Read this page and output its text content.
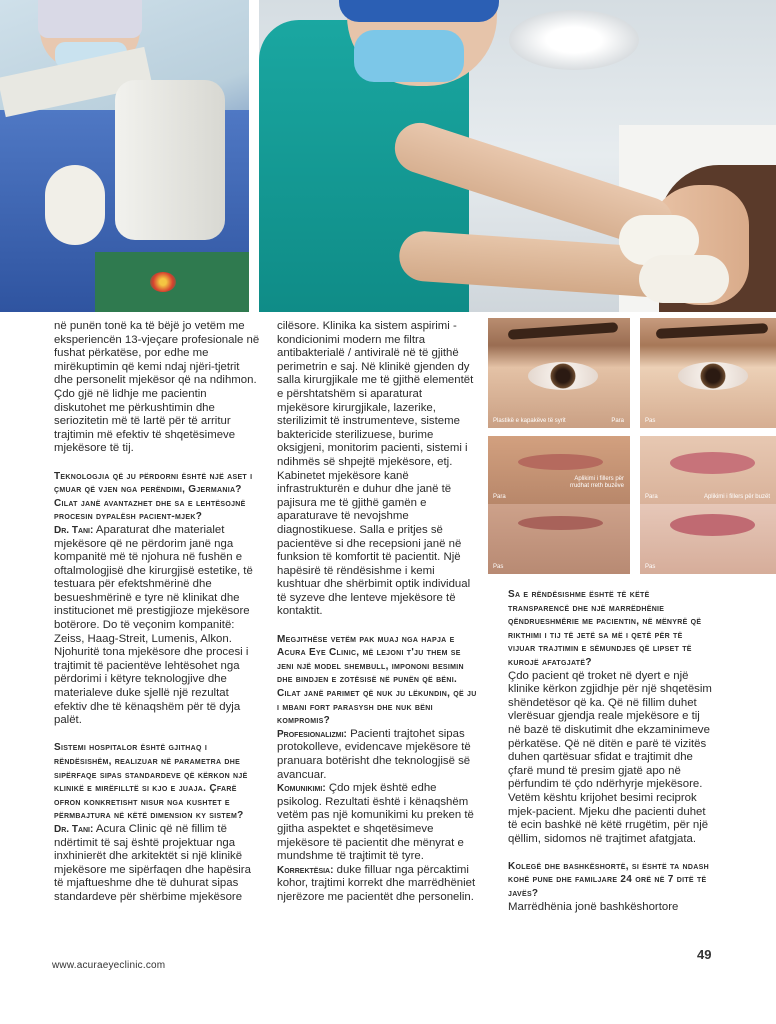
Plastikë e kapakëve të syrit	Para	Pas
Para
Aplikimi i fillers për rrudhat rreth buzëve
Para	Aplikimi i fillers për buzët
Pas	Pas

në punën tonë ka të bëjë jo vetëm me eksperiencën 13-vjeçare profesionale në fushat përkatëse, por edhe me mirëkuptimin që kemi ndaj njëri-tjetrit dhe personelit mjekësor që na ndihmon. Çdo gjë në lidhje me pacientin diskutohet me përkushtimin dhe seriozitetin më të lartë për të arritur trajtimin më efektiv të shqetësimeve mjekësore të tij.

Teknologjia që ju përdorni është një aset i çmuar që vjen nga perëndimi, Gjermania? Cilat janë avantazhet dhe sa e lehtësojnë procesin dypalësh pacient-mjek?

Dr. Tani: Aparaturat dhe materialet mjekësore që ne përdorim janë nga kompanitë më të njohura në fushën e oftalmologjisë dhe kirurgjisë estetike, të testuara për efektshmërinë dhe besueshmërinë e tyre në klinikat dhe institucionet më prestigjioze mjekësore botërore. Do të veçonim kompanitë: Zeiss, Haag-Streit, Lumenis, Alkon. Njohuritë tona mjekësore dhe procesi i trajtimit të pacientëve lehtësohet nga përdorimi i këtyre teknologjive dhe materialeve duke sjellë një rezultat efektiv dhe të kënaqshëm për të dyja palët.

Sistemi hospitalor është gjithaq i rëndësishëm, realizuar në parametra dhe sipërfaqe sipas standardeve që kërkon një klinikë e mirëfilltë si kjo e juaja. Çfarë ofron konkretisht nisur nga kushtet e përmbajtura në këtë dimension ky sistem?

Dr. Tani: Acura Clinic që në fillim të ndërtimit të saj është projektuar nga inxhinierët dhe arkitektët si një klinikë mjekësore me sipërfaqen dhe hapësira të mjaftueshme dhe të duhurat sipas standardeve për shërbime mjekësore

cilësore. Klinika ka sistem aspirimi - kondicionimi modern me filtra antibakterialë / antiviralë në të gjithë perimetrin e saj. Në klinikë gjenden dy salla kirurgjikale me të gjithë elementët e përshtatshëm si aparaturat mjekësore kirurgjikale, lazerike, sterilizimit të instrumenteve, sisteme baktericide sterilizuese, burime oksigjeni, monitorim pacienti, sistemi i ndihmës së shpejtë mjekësore, etj. Kabinetet mjekësore kanë infrastrukturën e duhur dhe janë të pajisura me të gjithë gamën e aparaturave të nevojshme diagnostikuese. Salla e pritjes së pacientëve si dhe recepsioni janë në funksion të komfortit të pacientit. Një hapësirë të rëndësishme i kemi kushtuar dhe shërbimit optik individual të syzeve dhe lenteve mjekësore të kontaktit.

Megjithëse vetëm pak muaj nga hapja e Acura Eye Clinic, më lejoni t'ju them se jeni një model shembull, impononi besimin dhe bindjen e zotësisë në punën që bëni. Cilat janë parimet që nuk ju lëkundin, që ju i mbani fort parasysh dhe nuk bëni kompromis?

Profesionalizmi: Pacienti trajtohet sipas protokolleve, evidencave mjekësore të pranuara botërisht dhe teknologjisë së avancuar.

Komunikimi: Çdo mjek është edhe psikolog. Rezultati është i kënaqshëm vetëm pas një komunikimi ku preken të gjitha aspektet e shqetësimeve mjekësore të pacientit dhe mënyrat e mundshme të trajtimit të tyre.

Korrektësia: duke filluar nga përcaktimi kohor, trajtimi korrekt dhe marrëdhëniet njerëzore me pacientët dhe personelin.

Sa e rëndësishme është të këtë transparencë dhe një marrëdhënie qëndrueshmërie me pacientin, në mënyrë që rikthimi i tij të jetë sa më i qetë për të vijuar trajtimin e sëmundjes që lipset të kurojë afatgjatë?

Çdo pacient që troket në dyert e një klinike kërkon zgjidhje për një shqetësim shëndetësor që ka. Që në fillim duhet vlerësuar gjendja reale mjekësore e tij në bazë të diskutimit dhe ekzaminimeve përkatëse. Që në ditën e parë të vizitës duhen qartësuar sfidat e trajtimit dhe çfarë mund të presim gjatë apo në përfundim të çdo ndërhyrje mjekësore. Vetëm kështu krijohet besimi reciprok mjek-pacient. Mjeku dhe pacienti duhet të ecin bashkë në këtë rrugëtim, për një qëllim, sidomos në trajtimet afatgjata.

Kolegë dhe bashkëshortë, si është ta ndash kohë pune dhe familjare 24 orë në 7 ditë të javës?

Marrëdhënia jonë bashkëshortore

www.acuraeyeclinic.com
49
